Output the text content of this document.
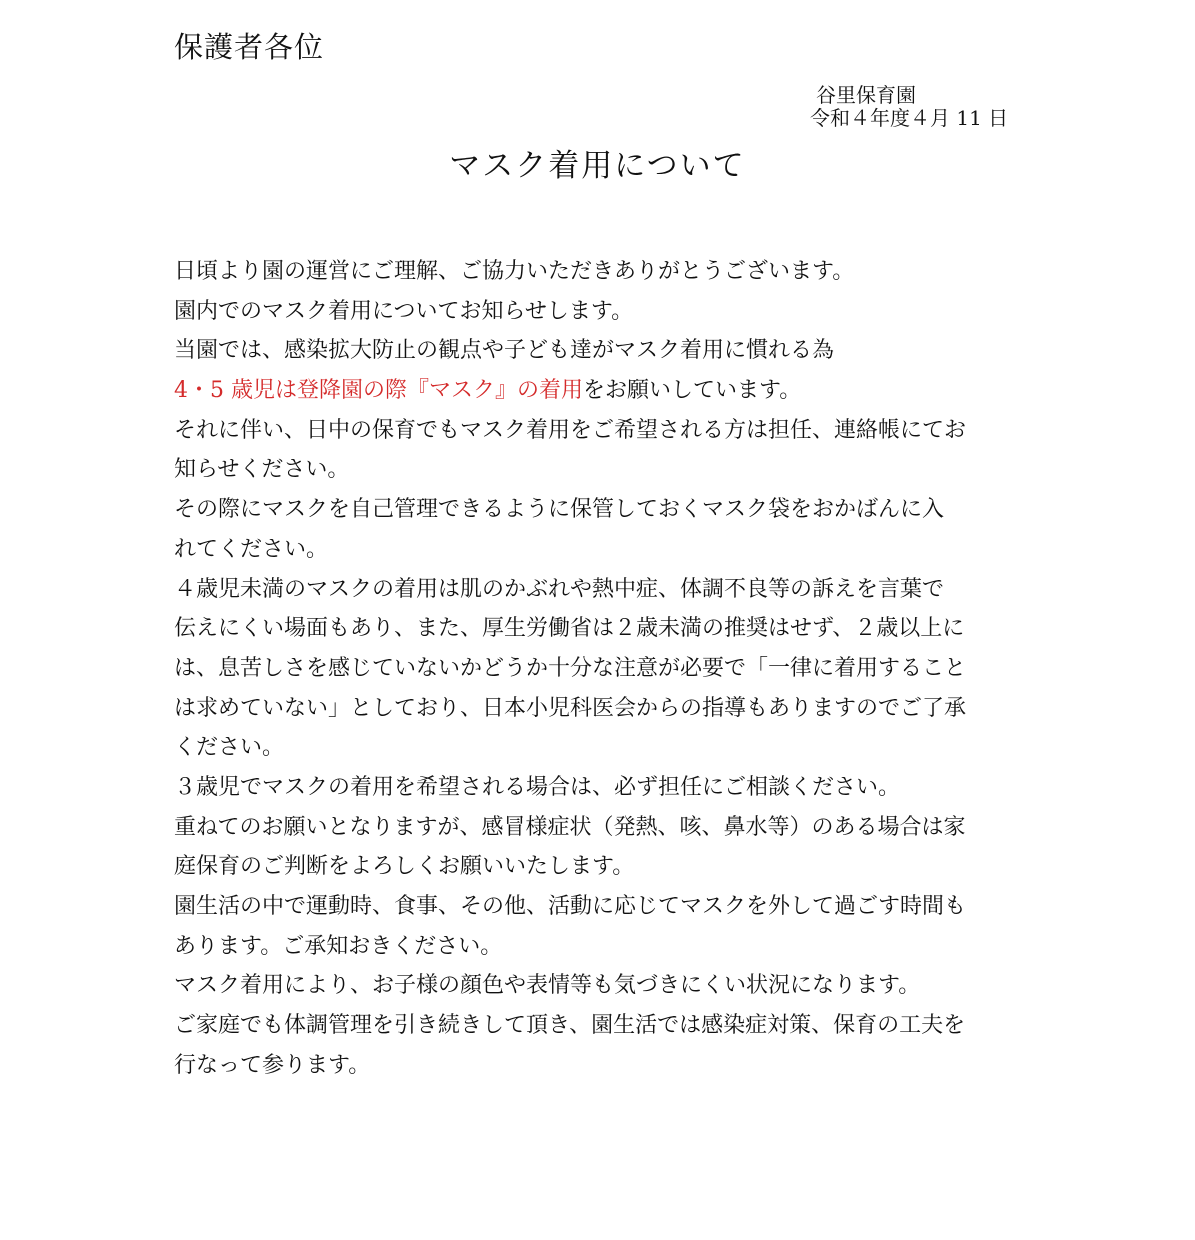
保護者各位
谷里保育園
令和４年度４月 11 日
マスク着用について
日頃より園の運営にご理解、ご協力いただきありがとうございます。
園内でのマスク着用についてお知らせします。
当園では、感染拡大防止の観点や子ども達がマスク着用に慣れる為
4・5 歳児は登降園の際『マスク』の着用をお願いしています。
それに伴い、日中の保育でもマスク着用をご希望される方は担任、連絡帳にてお
知らせください。
その際にマスクを自己管理できるように保管しておくマスク袋をおかばんに入
れてください。
４歳児未満のマスクの着用は肌のかぶれや熱中症、体調不良等の訴えを言葉で
伝えにくい場面もあり、また、厚生労働省は２歳未満の推奨はせず、２歳以上に
は、息苦しさを感じていないかどうか十分な注意が必要で「一律に着用すること
は求めていない」としており、日本小児科医会からの指導もありますのでご了承
ください。
３歳児でマスクの着用を希望される場合は、必ず担任にご相談ください。
重ねてのお願いとなりますが、感冒様症状（発熱、咳、鼻水等）のある場合は家
庭保育のご判断をよろしくお願いいたします。
園生活の中で運動時、食事、その他、活動に応じてマスクを外して過ごす時間も
あります。ご承知おきください。
マスク着用により、お子様の顔色や表情等も気づきにくい状況になります。
ご家庭でも体調管理を引き続きして頂き、園生活では感染症対策、保育の工夫を
行なって参ります。
